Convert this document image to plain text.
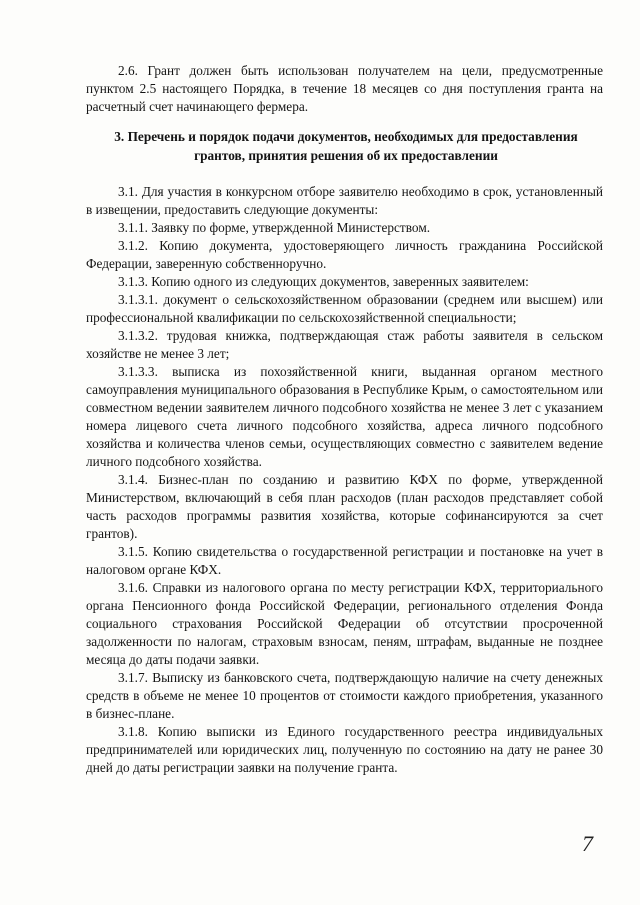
2.6. Грант должен быть использован получателем на цели, предусмотренные пунктом 2.5 настоящего Порядка, в течение 18 месяцев со дня поступления гранта на расчетный счет начинающего фермера.

3. Перечень и порядок подачи документов, необходимых для предоставления грантов, принятия решения об их предоставлении

3.1. Для участия в конкурсном отборе заявителю необходимо в срок, установленный в извещении, предоставить следующие документы:

3.1.1. Заявку по форме, утвержденной Министерством.

3.1.2. Копию документа, удостоверяющего личность гражданина Российской Федерации, заверенную собственноручно.

3.1.3. Копию одного из следующих документов, заверенных заявителем:

3.1.3.1. документ о сельскохозяйственном образовании (среднем или высшем) или профессиональной квалификации по сельскохозяйственной специальности;

3.1.3.2. трудовая книжка, подтверждающая стаж работы заявителя в сельском хозяйстве не менее 3 лет;

3.1.3.3. выписка из похозяйственной книги, выданная органом местного самоуправления муниципального образования в Республике Крым, о самостоятельном или совместном ведении заявителем личного подсобного хозяйства не менее 3 лет с указанием номера лицевого счета личного подсобного хозяйства, адреса личного подсобного хозяйства и количества членов семьи, осуществляющих совместно с заявителем ведение личного подсобного хозяйства.

3.1.4. Бизнес-план по созданию и развитию КФХ по форме, утвержденной Министерством, включающий в себя план расходов (план расходов представляет собой часть расходов программы развития хозяйства, которые софинансируются за счет грантов).

3.1.5. Копию свидетельства о государственной регистрации и постановке на учет в налоговом органе КФХ.

3.1.6. Справки из налогового органа по месту регистрации КФХ, территориального органа Пенсионного фонда Российской Федерации, регионального отделения Фонда социального страхования Российской Федерации об отсутствии просроченной задолженности по налогам, страховым взносам, пеням, штрафам, выданные не позднее месяца до даты подачи заявки.

3.1.7. Выписку из банковского счета, подтверждающую наличие на счету денежных средств в объеме не менее 10 процентов от стоимости каждого приобретения, указанного в бизнес-плане.

3.1.8. Копию выписки из Единого государственного реестра индивидуальных предпринимателей или юридических лиц, полученную по состоянию на дату не ранее 30 дней до даты регистрации заявки на получение гранта.

7
